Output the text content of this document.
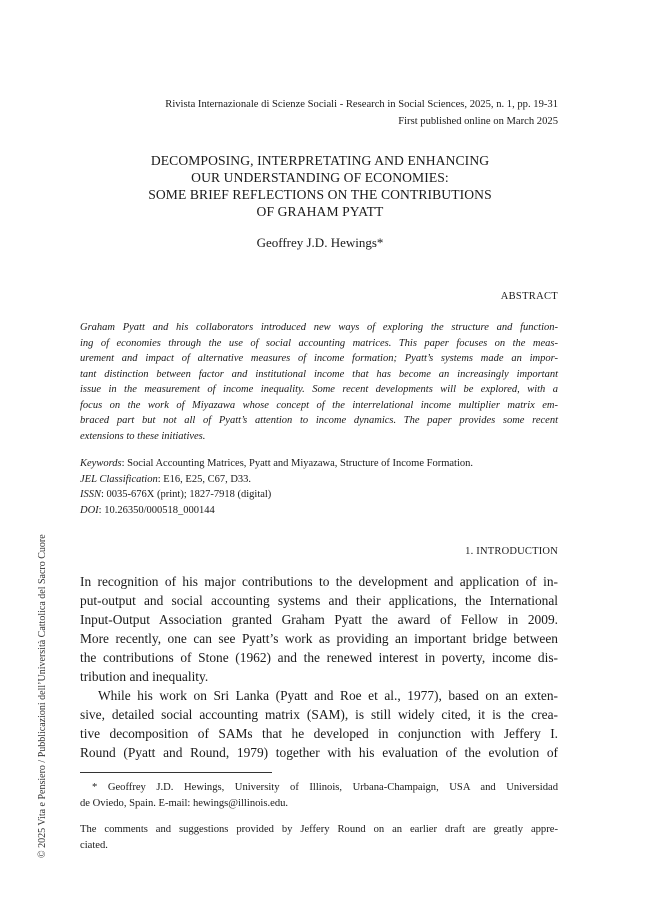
Rivista Internazionale di Scienze Sociali - Research in Social Sciences, 2025, n. 1, pp. 19-31
First published online on March 2025
DECOMPOSING, INTERPRETATING AND ENHANCING
OUR UNDERSTANDING OF ECONOMIES:
SOME BRIEF REFLECTIONS ON THE CONTRIBUTIONS
OF GRAHAM PYATT
Geoffrey J.D. Hewings*
ABSTRACT
Graham Pyatt and his collaborators introduced new ways of exploring the structure and function-
ing of economies through the use of social accounting matrices. This paper focuses on the meas-
urement and impact of alternative measures of income formation; Pyatt’s systems made an impor-
tant distinction between factor and institutional income that has become an increasingly important
issue in the measurement of income inequality. Some recent developments will be explored, with a
focus on the work of Miyazawa whose concept of the interrelational income multiplier matrix em-
braced part but not all of Pyatt’s attention to income dynamics. The paper provides some recent
extensions to these initiatives.
Keywords: Social Accounting Matrices, Pyatt and Miyazawa, Structure of Income Formation.
JEL Classification: E16, E25, C67, D33.
ISSN: 0035-676X (print); 1827-7918 (digital)
DOI: 10.26350/000518_000144
1. INTRODUCTION
In recognition of his major contributions to the development and application of in-
put-output and social accounting systems and their applications, the International
Input-Output Association granted Graham Pyatt the award of Fellow in 2009.
More recently, one can see Pyatt’s work as providing an important bridge between
the contributions of Stone (1962) and the renewed interest in poverty, income dis-
tribution and inequality.
While his work on Sri Lanka (Pyatt and Roe et al., 1977), based on an exten-
sive, detailed social accounting matrix (SAM), is still widely cited, it is the crea-
tive decomposition of SAMs that he developed in conjunction with Jeffery I.
Round (Pyatt and Round, 1979) together with his evaluation of the evolution of
* Geoffrey J.D. Hewings, University of Illinois, Urbana-Champaign, USA and Universidad
de Oviedo, Spain. E-mail: hewings@illinois.edu.
The comments and suggestions provided by Jeffery Round on an earlier draft are greatly appre-
ciated.
© 2025 Vita e Pensiero / Pubblicazioni dell’Università Cattolica del Sacro Cuore
